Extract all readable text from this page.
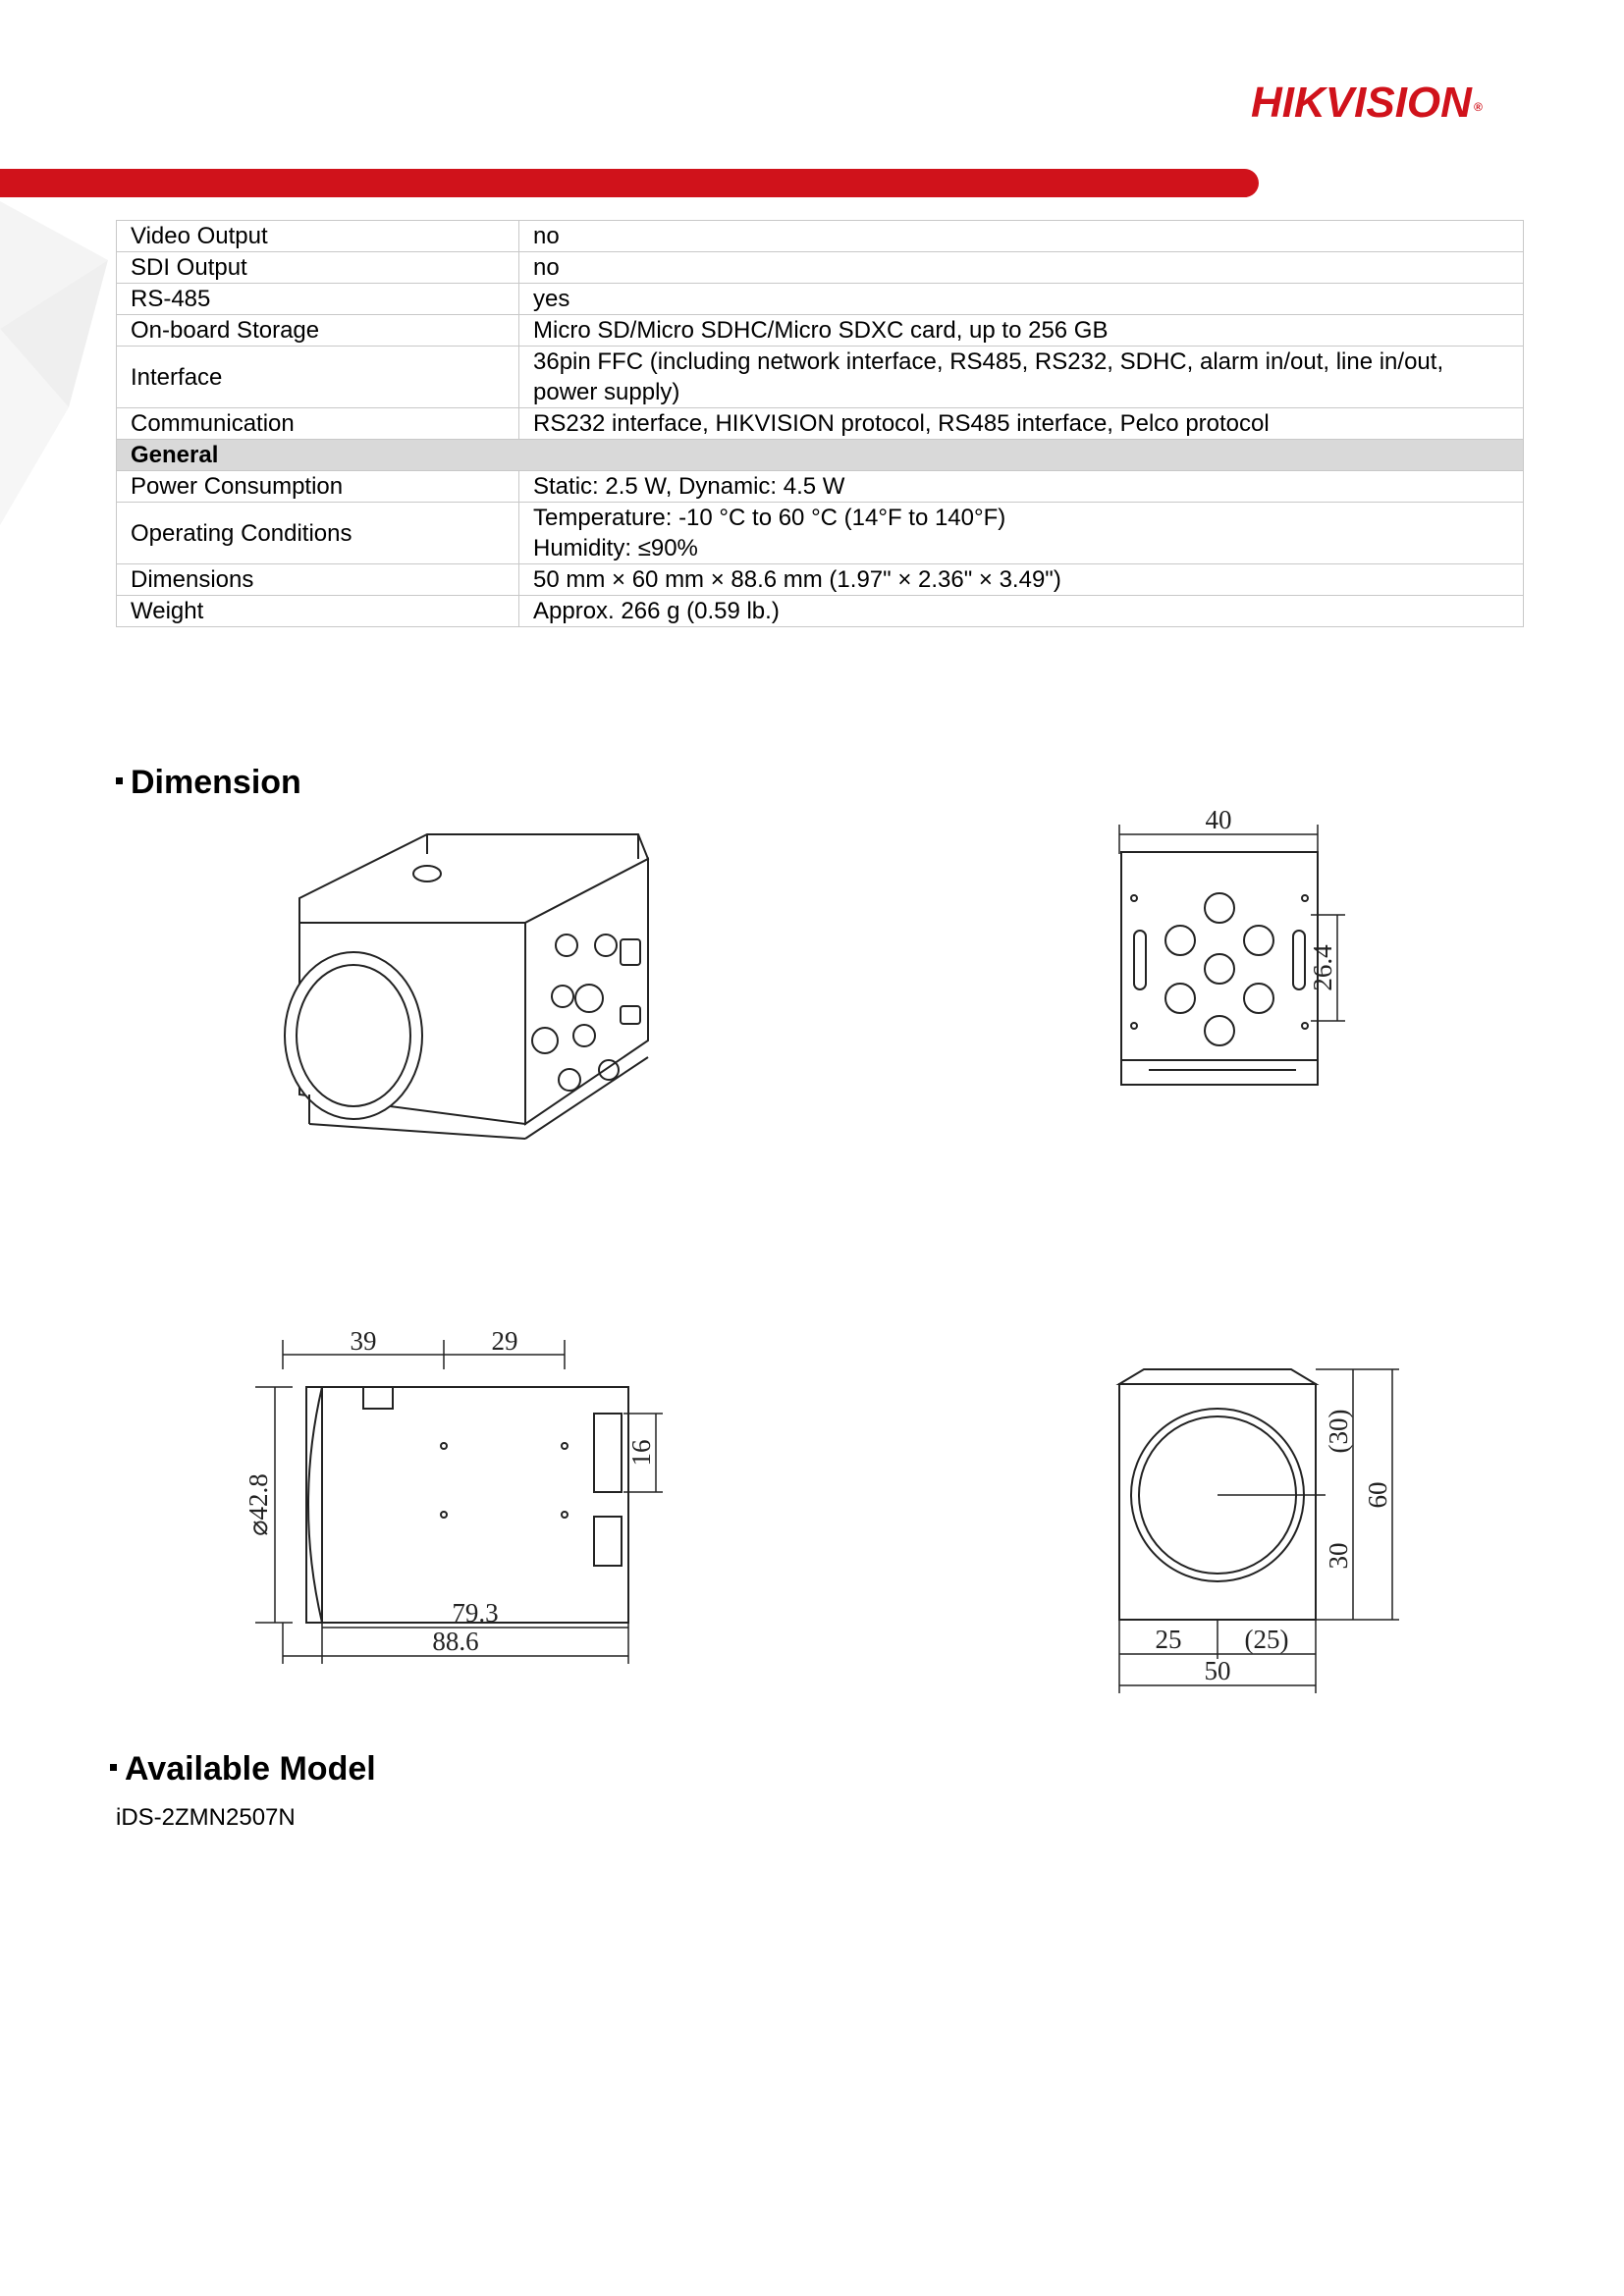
HIKVISION ®
Video Output	no

SDI Output	no

RS-485	yes

On-board Storage	Micro SD/Micro SDHC/Micro SDXC card, up to 256 GB

Interface	36pin FFC (including network interface, RS485, RS232, SDHC, alarm in/out, line in/out,
power supply)

Communication	RS232 interface, HIKVISION protocol, RS485 interface, Pelco protocol

General	
Power Consumption	Static: 2.5 W, Dynamic: 4.5 W

Operating Conditions	Temperature: -10 °C to 60 °C (14°F to 140°F)
Humidity: ≤90%

Dimensions	50 mm × 60 mm × 88.6 mm (1.97" × 2.36" × 3.49")

Weight	Approx. 266 g (0.59 lb.)
Dimension
40
26.4
39	29
⌀42.8
16
79.3
88.6
(30)
30
60
25 (25)
50
Available Model
iDS-2ZMN2507N
